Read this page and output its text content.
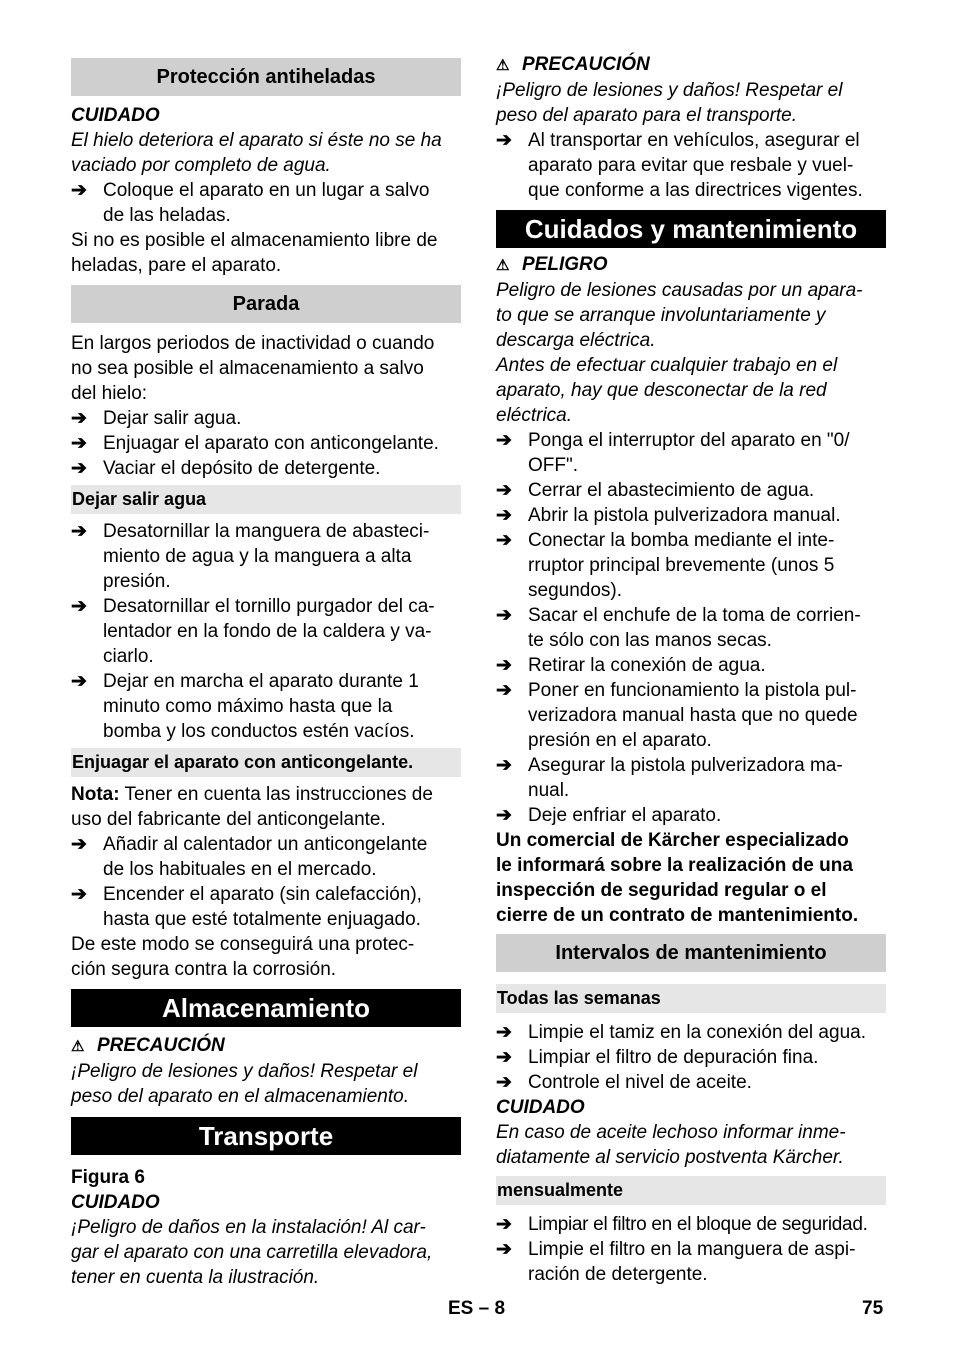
Protección antiheladas
CUIDADO
El hielo deteriora el aparato si éste no se ha
vaciado por completo de agua.
➔ Coloque el aparato en un lugar a salvo
de las heladas.
Si no es posible el almacenamiento libre de
heladas, pare el aparato.
Parada
En largos periodos de inactividad o cuando
no sea posible el almacenamiento a salvo
del hielo:
➔ Dejar salir agua.
➔ Enjuagar el aparato con anticongelante.
➔ Vaciar el depósito de detergente.
Dejar salir agua
➔ Desatornillar la manguera de abasteci-
miento de agua y la manguera a alta
presión.
➔ Desatornillar el tornillo purgador del ca-
lentador en la fondo de la caldera y va-
ciarlo.
➔ Dejar en marcha el aparato durante 1
minuto como máximo hasta que la
bomba y los conductos estén vacíos.
Enjuagar el aparato con anticongelante.
Nota: Tener en cuenta las instrucciones de
uso del fabricante del anticongelante.
➔ Añadir al calentador un anticongelante
de los habituales en el mercado.
➔ Encender el aparato (sin calefacción),
hasta que esté totalmente enjuagado.
De este modo se conseguirá una protec-
ción segura contra la corrosión.
Almacenamiento
⚠ PRECAUCIÓN
¡Peligro de lesiones y daños! Respetar el
peso del aparato en el almacenamiento.
Transporte
Figura 6
CUIDADO
¡Peligro de daños en la instalación! Al car-
gar el aparato con una carretilla elevadora,
tener en cuenta la ilustración.
⚠ PRECAUCIÓN
¡Peligro de lesiones y daños! Respetar el
peso del aparato para el transporte.
➔ Al transportar en vehículos, asegurar el
aparato para evitar que resbale y vuel-
que conforme a las directrices vigentes.
Cuidados y mantenimiento
⚠ PELIGRO
Peligro de lesiones causadas por un apara-
to que se arranque involuntariamente y
descarga eléctrica.
Antes de efectuar cualquier trabajo en el
aparato, hay que desconectar de la red
eléctrica.
➔ Ponga el interruptor del aparato en "0/
OFF".
➔ Cerrar el abastecimiento de agua.
➔ Abrir la pistola pulverizadora manual.
➔ Conectar la bomba mediante el inte-
rruptor principal brevemente (unos 5
segundos).
➔ Sacar el enchufe de la toma de corrien-
te sólo con las manos secas.
➔ Retirar la conexión de agua.
➔ Poner en funcionamiento la pistola pul-
verizadora manual hasta que no quede
presión en el aparato.
➔ Asegurar la pistola pulverizadora ma-
nual.
➔ Deje enfriar el aparato.
Un comercial de Kärcher especializado
le informará sobre la realización de una
inspección de seguridad regular o el
cierre de un contrato de mantenimiento.
Intervalos de mantenimiento
Todas las semanas
➔ Limpie el tamiz en la conexión del agua.
➔ Limpiar el filtro de depuración fina.
➔ Controle el nivel de aceite.
CUIDADO
En caso de aceite lechoso informar inme-
diatamente al servicio postventa Kärcher.
mensualmente
➔ Limpiar el filtro en el bloque de seguridad.
➔ Limpie el filtro en la manguera de aspi-
ración de detergente.
ES – 8	75
